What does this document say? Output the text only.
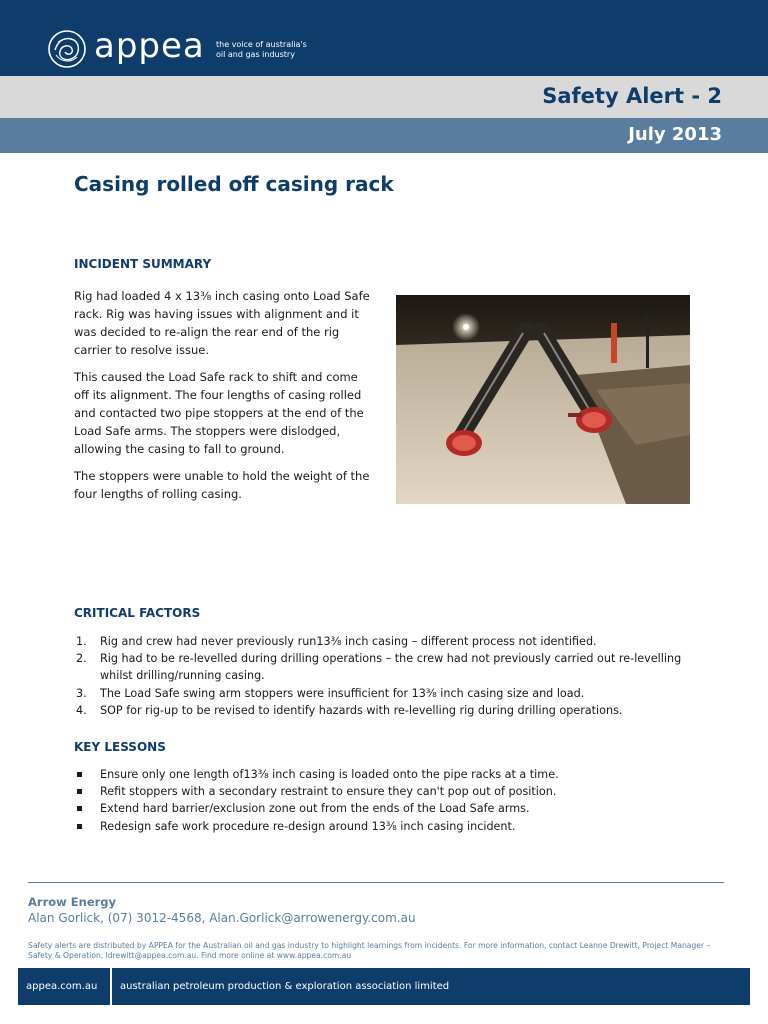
appea the voice of australia's
oil and gas industry
Safety Alert - 2
July 2013
Casing rolled off casing rack
INCIDENT SUMMARY

Rig had loaded 4 x 13⅜ inch casing onto Load Safe rack. Rig was having issues with alignment and it was decided to re-align the rear end of the rig carrier to resolve issue.

This caused the Load Safe rack to shift and come off its alignment. The four lengths of casing rolled and contacted two pipe stoppers at the end of the Load Safe arms. The stoppers were dislodged, allowing the casing to fall to ground.

The stoppers were unable to hold the weight of the four lengths of rolling casing.

CRITICAL FACTORS
1. Rig and crew had never previously run13⅜ inch casing – different process not identified.
2. Rig had to be re-levelled during drilling operations – the crew had not previously carried out re-levelling whilst drilling/running casing.
3. The Load Safe swing arm stoppers were insufficient for 13⅜ inch casing size and load.
4. SOP for rig-up to be revised to identify hazards with re-levelling rig during drilling operations.
KEY LESSONS
Ensure only one length of13⅜ inch casing is loaded onto the pipe racks at a time.
Refit stoppers with a secondary restraint to ensure they can't pop out of position.
Extend hard barrier/exclusion zone out from the ends of the Load Safe arms.
Redesign safe work procedure re-design around 13⅜ inch casing incident.
Arrow Energy
Alan Gorlick, (07) 3012-4568, Alan.Gorlick@arrowenergy.com.au
Safety alerts are distributed by APPEA for the Australian oil and gas industry to highlight learnings from incidents. For more information, contact Leanne Drewitt, Project Manager – Safety & Operation, ldrewitt@appea.com.au. Find more online at www.appea.com.au
appea.com.au australian petroleum production & exploration association limited
